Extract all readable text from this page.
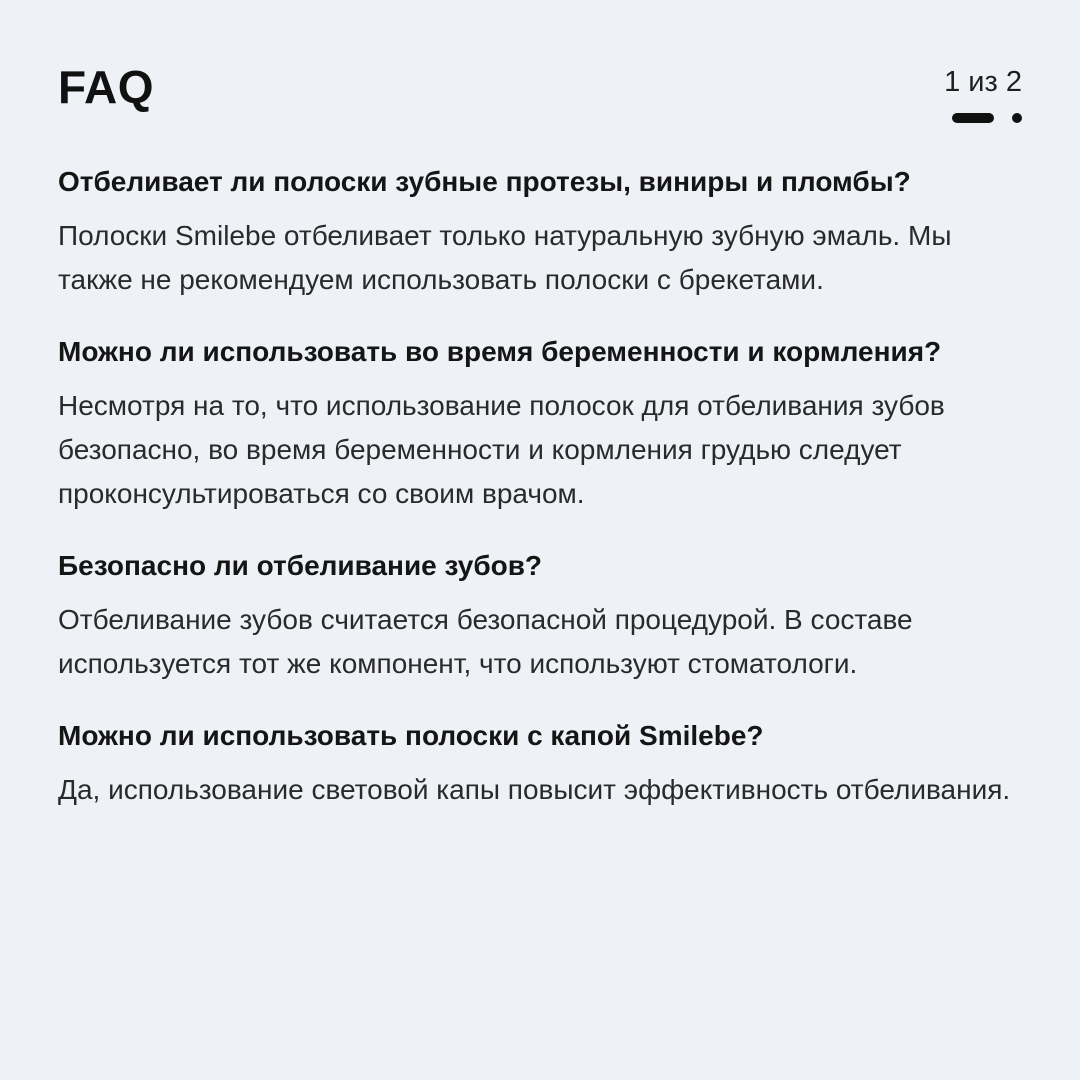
FAQ	1 из 2
Отбеливает ли полоски зубные протезы, виниры и пломбы?
Полоски Smilebe отбеливает только натуральную зубную эмаль. Мы также не рекомендуем использовать полоски с брекетами.
Можно ли использовать во время беременности и кормления?
Несмотря на то, что использование полосок для отбеливания зубов безопасно, во время беременности и кормления грудью следует проконсультироваться со своим врачом.
Безопасно ли отбеливание зубов?
Отбеливание зубов считается безопасной процедурой. В составе используется тот же компонент, что используют стоматологи.
Можно ли использовать полоски с капой Smilebe?
Да, использование световой капы повысит эффективность отбеливания.
